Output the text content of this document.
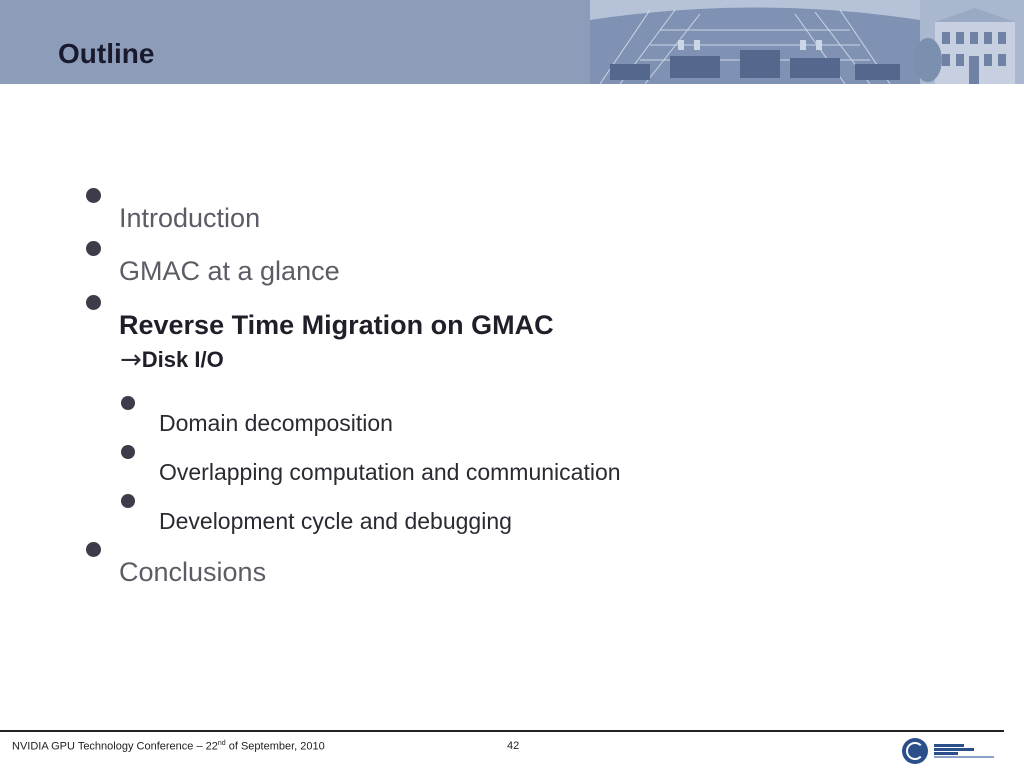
Outline
Introduction
GMAC at a glance
Reverse Time Migration on GMAC
→ Disk I/O
Domain decomposition
Overlapping computation and communication
Development cycle and debugging
Conclusions
NVIDIA GPU Technology Conference – 22nd of September, 2010	42
